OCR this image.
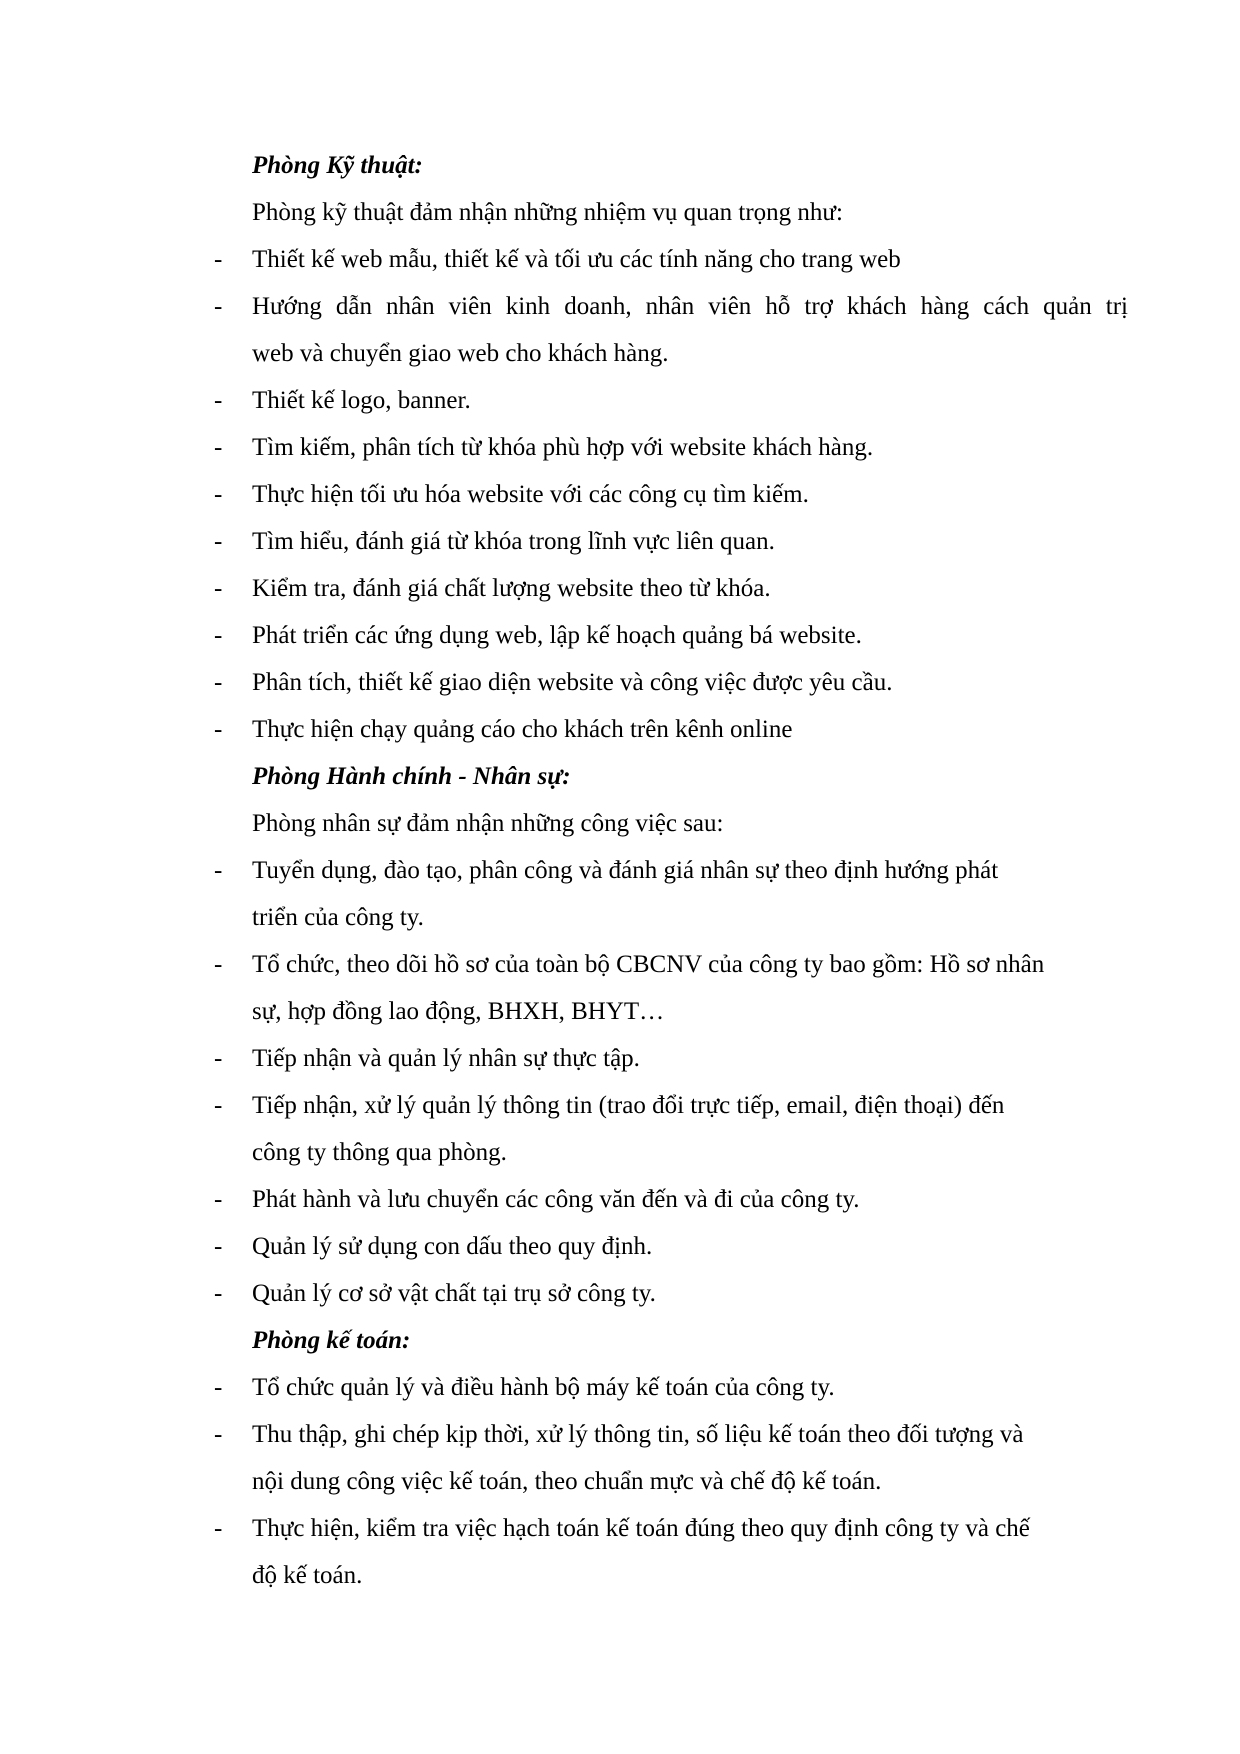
Phòng Kỹ thuật:
Phòng kỹ thuật đảm nhận những nhiệm vụ quan trọng như:
- Thiết kế web mẫu, thiết kế và tối ưu các tính năng cho trang web
- Hướng dẫn nhân viên kinh doanh, nhân viên hỗ trợ khách hàng cách quản trị
web và chuyển giao web cho khách hàng.
- Thiết kế logo, banner.
- Tìm kiếm, phân tích từ khóa phù hợp với website khách hàng.
- Thực hiện tối ưu hóa website với các công cụ tìm kiếm.
- Tìm hiểu, đánh giá từ khóa trong lĩnh vực liên quan.
- Kiểm tra, đánh giá chất lượng website theo từ khóa.
- Phát triển các ứng dụng web, lập kế hoạch quảng bá website.
- Phân tích, thiết kế giao diện website và công việc được yêu cầu.
- Thực hiện chạy quảng cáo cho khách trên kênh online
Phòng Hành chính - Nhân sự:
Phòng nhân sự đảm nhận những công việc sau:
- Tuyển dụng, đào tạo, phân công và đánh giá nhân sự theo định hướng phát
triển của công ty.
- Tổ chức, theo dõi hồ sơ của toàn bộ CBCNV của công ty bao gồm: Hồ sơ nhân
sự, hợp đồng lao động, BHXH, BHYT…
- Tiếp nhận và quản lý nhân sự thực tập.
- Tiếp nhận, xử lý quản lý thông tin (trao đổi trực tiếp, email, điện thoại) đến
công ty thông qua phòng.
- Phát hành và lưu chuyển các công văn đến và đi của công ty.
- Quản lý sử dụng con dấu theo quy định.
- Quản lý cơ sở vật chất tại trụ sở công ty.
Phòng kế toán:
- Tổ chức quản lý và điều hành bộ máy kế toán của công ty.
- Thu thập, ghi chép kịp thời, xử lý thông tin, số liệu kế toán theo đối tượng và
nội dung công việc kế toán, theo chuẩn mực và chế độ kế toán.
- Thực hiện, kiểm tra việc hạch toán kế toán đúng theo quy định công ty và chế
độ kế toán.
